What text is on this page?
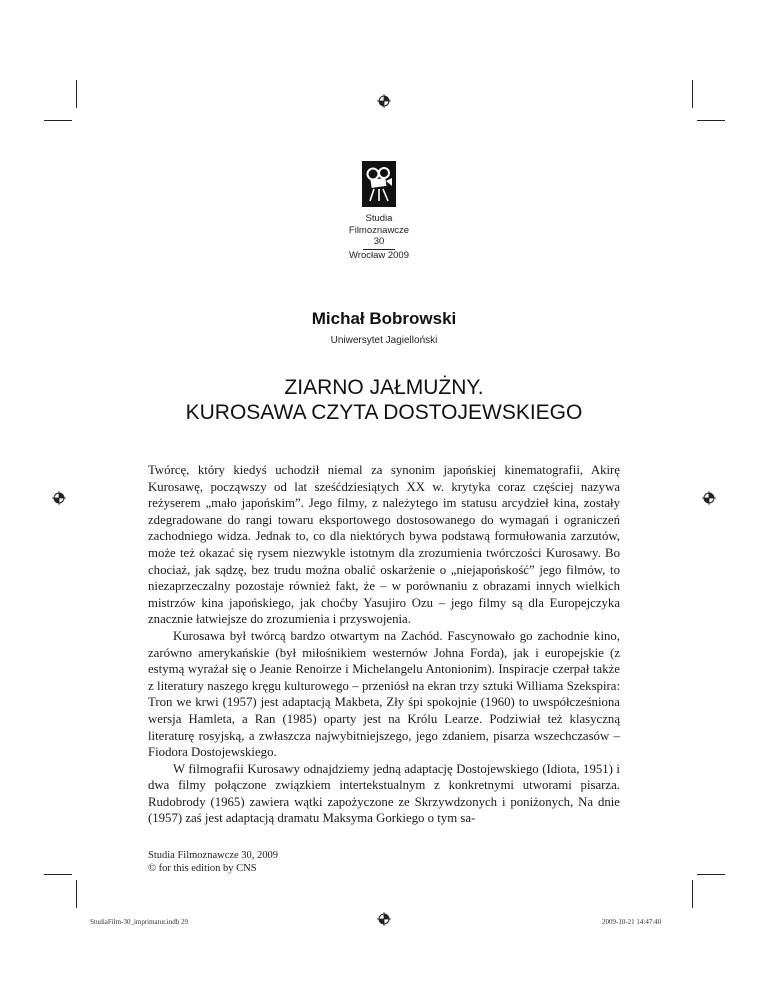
Studia
Filmoznawcze
30
Wrocław 2009
Michał Bobrowski
Uniwersytet Jagielloński
ZIARNO JAŁMUŻNY.
KUROSAWA CZYTA DOSTOJEWSKIEGO

Twórcę, który kiedyś uchodził niemal za synonim japońskiej kinematografii, Akirę Kurosawę, począwszy od lat sześćdziesiątych XX w. krytyka coraz częściej nazywa reżyserem „mało japońskim”. Jego filmy, z należytego im statusu arcydzieł kina, zostały zdegradowane do rangi towaru eksportowego dostosowanego do wymagań i ograniczeń zachodniego widza. Jednak to, co dla niektórych bywa podstawą formułowania zarzutów, może też okazać się rysem niezwykle istotnym dla zrozumienia twórczości Kurosawy. Bo chociaż, jak sądzę, bez trudu można obalić oskarżenie o „niejapońskość” jego filmów, to niezaprzeczalny pozostaje również fakt, że – w porównaniu z obrazami innych wielkich mistrzów kina japońskiego, jak choćby Yasujiro Ozu – jego filmy są dla Europejczyka znacznie łatwiejsze do zrozumienia i przyswojenia.

Kurosawa był twórcą bardzo otwartym na Zachód. Fascynowało go zachodnie kino, zarówno amerykańskie (był miłośnikiem westernów Johna Forda), jak i europejskie (z estymą wyrażał się o Jeanie Renoirze i Michelangelu Antonionim). Inspiracje czerpał także z literatury naszego kręgu kulturowego – przeniósł na ekran trzy sztuki Williama Szekspira: Tron we krwi (1957) jest adaptacją Makbeta, Zły śpi spokojnie (1960) to uwspółcześniona wersja Hamleta, a Ran (1985) oparty jest na Królu Learze. Podziwiał też klasyczną literaturę rosyjską, a zwłaszcza najwybitniejszego, jego zdaniem, pisarza wszechczasów – Fiodora Dostojewskiego.

W filmografii Kurosawy odnajdziemy jedną adaptację Dostojewskiego (Idiota, 1951) i dwa filmy połączone związkiem intertekstualnym z konkretnymi utworami pisarza. Rudobrody (1965) zawiera wątki zapożyczone ze Skrzywdzonych i poniżonych, Na dnie (1957) zaś jest adaptacją dramatu Maksyma Gorkiego o tym sa-

Studia Filmoznawcze 30, 2009
© for this edition by CNS
StudiaFilm-30_imprimatur.indb 29	2009-10-21 14:47:40
